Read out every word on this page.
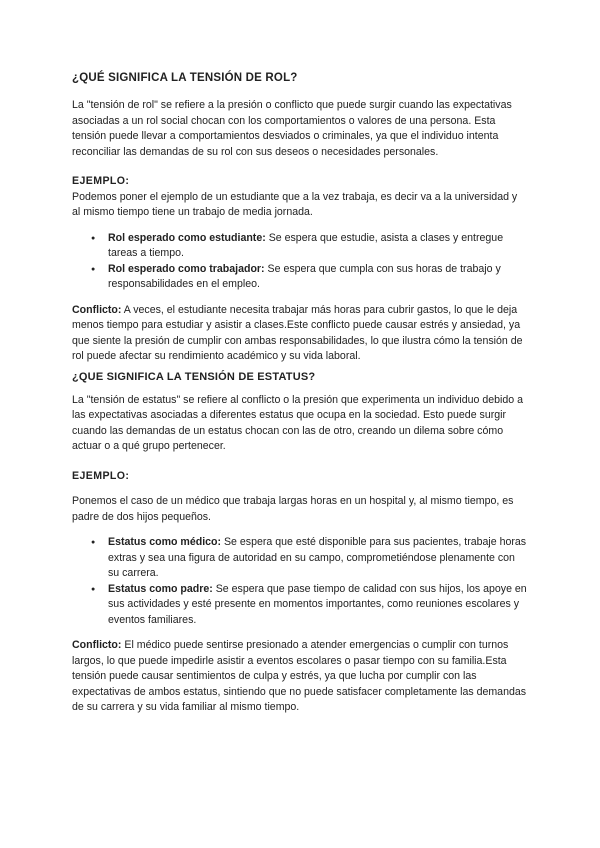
¿QUÉ SIGNIFICA LA TENSIÓN DE ROL?

La "tensión de rol" se refiere a la presión o conflicto que puede surgir cuando las expectativas asociadas a un rol social chocan con los comportamientos o valores de una persona. Esta tensión puede llevar a comportamientos desviados o criminales, ya que el individuo intenta reconciliar las demandas de su rol con sus deseos o necesidades personales.

EJEMPLO:

Podemos poner el ejemplo de un estudiante que a la vez trabaja, es decir va a la universidad y al mismo tiempo tiene un trabajo de media jornada.

● Rol esperado como estudiante: Se espera que estudie, asista a clases y entregue tareas a tiempo.
● Rol esperado como trabajador: Se espera que cumpla con sus horas de trabajo y responsabilidades en el empleo.

Conflicto: A veces, el estudiante necesita trabajar más horas para cubrir gastos, lo que le deja menos tiempo para estudiar y asistir a clases.Este conflicto puede causar estrés y ansiedad, ya que siente la presión de cumplir con ambas responsabilidades, lo que ilustra cómo la tensión de rol puede afectar su rendimiento académico y su vida laboral.

¿QUE SIGNIFICA LA TENSIÓN DE ESTATUS?

La "tensión de estatus" se refiere al conflicto o la presión que experimenta un individuo debido a las expectativas asociadas a diferentes estatus que ocupa en la sociedad. Esto puede surgir cuando las demandas de un estatus chocan con las de otro, creando un dilema sobre cómo actuar o a qué grupo pertenecer.

EJEMPLO:

Ponemos el caso de un médico que trabaja largas horas en un hospital y, al mismo tiempo, es padre de dos hijos pequeños.

● Estatus como médico: Se espera que esté disponible para sus pacientes, trabaje horas extras y sea una figura de autoridad en su campo, comprometiéndose plenamente con su carrera.
● Estatus como padre: Se espera que pase tiempo de calidad con sus hijos, los apoye en sus actividades y esté presente en momentos importantes, como reuniones escolares y eventos familiares.

Conflicto: El médico puede sentirse presionado a atender emergencias o cumplir con turnos largos, lo que puede impedirle asistir a eventos escolares o pasar tiempo con su familia.Esta tensión puede causar sentimientos de culpa y estrés, ya que lucha por cumplir con las expectativas de ambos estatus, sintiendo que no puede satisfacer completamente las demandas de su carrera y su vida familiar al mismo tiempo.
